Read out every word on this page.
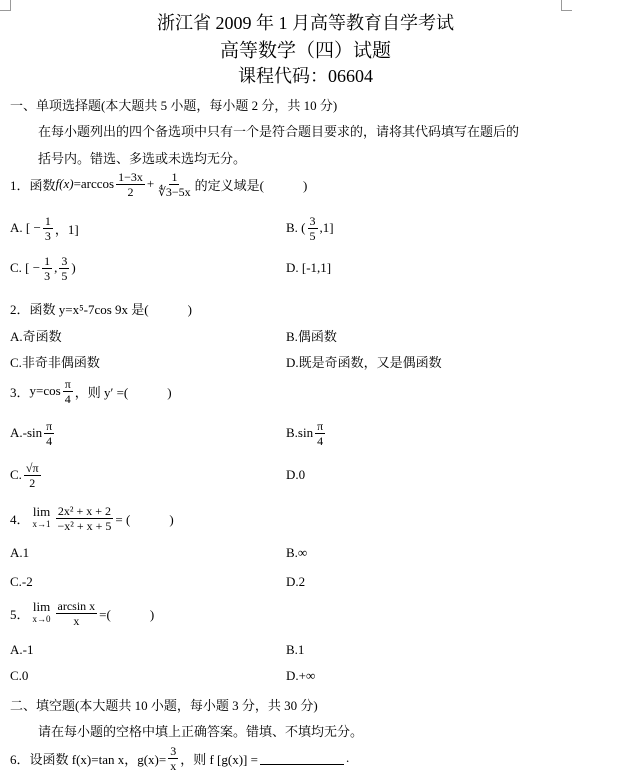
浙江省 2009 年 1 月高等教育自学考试
高等数学（四）试题
课程代码：06604
一、单项选择题(本大题共 5 小题，每小题 2 分，共 10 分)
在每小题列出的四个备选项中只有一个是符合题目要求的，请将其代码填写在题后的
括号内。错选、多选或未选均无分。
1． 函数 $f(x) =\arccos \frac{1-3x}{2} + \frac{1}{∜3-5x}$ 的定义域是(　　　)
A. [ − $\frac{1}{3}$ ，1]	B. ( $\frac{3}{5} ,1$]
C. [ − $\frac{1}{3}$ , $\frac{3}{5}$ )	D. [-1,1]
2． 函数 y=x⁵-7cos 9x 是(　　　)
A.奇函数	B.偶函数
C.非奇非偶函数	D.既是奇函数，又是偶函数
3． $y=\cos \frac{\pi}{4}$ ，则 y′ =(　　　)
$A.-\sin \frac{\pi}{4}$	$B.\sin \frac{\pi}{4}$
C. $\frac{√\pi}{2}$	D.0
4． lim
$x\to 1 \frac{\text{2x² + x + 2}}{\text{−x² + x + 5}}$ = (　　　)
A.1	B.∞
C.-2	D.2
5． lim
$x\to 0 \frac{\text{arcsin x}}{x}$ =(　　　)
A.-1	B.1
C.0	D.+∞
二、填空题(本大题共 10 小题，每小题 3 分，共 30 分)
请在每小题的空格中填上正确答案。错填、不填均无分。
6． 设函数 f(x)=tan x，$g(x)= \frac{3}{x}$ ，则 f [g(x)] =	.
